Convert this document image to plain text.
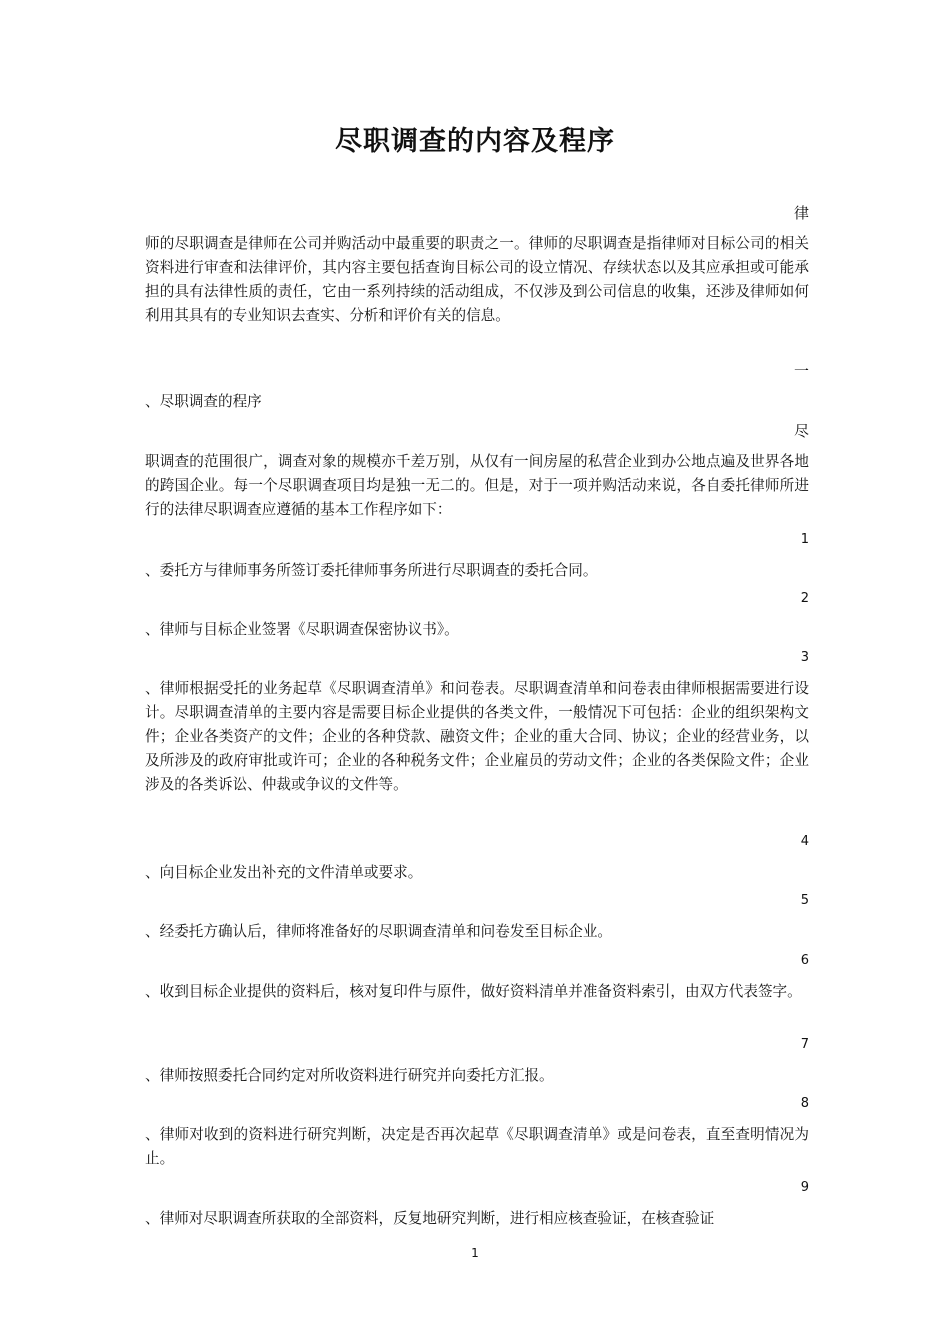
尽职调查的内容及程序
律
师的尽职调查是律师在公司并购活动中最重要的职责之一。律师的尽职调查是指律师对目标公司的相关资料进行审查和法律评价，其内容主要包括查询目标公司的设立情况、存续状态以及其应承担或可能承担的具有法律性质的责任，它由一系列持续的活动组成，不仅涉及到公司信息的收集，还涉及律师如何利用其具有的专业知识去查实、分析和评价有关的信息。
一
、尽职调查的程序
尽
职调查的范围很广，调查对象的规模亦千差万别，从仅有一间房屋的私营企业到办公地点遍及世界各地的跨国企业。每一个尽职调查项目均是独一无二的。但是，对于一项并购活动来说，各自委托律师所进行的法律尽职调查应遵循的基本工作程序如下：
1
、委托方与律师事务所签订委托律师事务所进行尽职调查的委托合同。
2
、律师与目标企业签署《尽职调查保密协议书》。
3
、律师根据受托的业务起草《尽职调查清单》和问卷表。尽职调查清单和问卷表由律师根据需要进行设计。尽职调查清单的主要内容是需要目标企业提供的各类文件，一般情况下可包括：企业的组织架构文件；企业各类资产的文件；企业的各种贷款、融资文件；企业的重大合同、协议；企业的经营业务，以及所涉及的政府审批或许可；企业的各种税务文件；企业雇员的劳动文件；企业的各类保险文件；企业涉及的各类诉讼、仲裁或争议的文件等。
4
、向目标企业发出补充的文件清单或要求。
5
、经委托方确认后，律师将准备好的尽职调查清单和问卷发至目标企业。
6
、收到目标企业提供的资料后，核对复印件与原件，做好资料清单并准备资料索引，由双方代表签字。
7
、律师按照委托合同约定对所收资料进行研究并向委托方汇报。
8
、律师对收到的资料进行研究判断，决定是否再次起草《尽职调查清单》或是问卷表，直至查明情况为止。
9
、律师对尽职调查所获取的全部资料，反复地研究判断，进行相应核查验证，在核查验证
1
